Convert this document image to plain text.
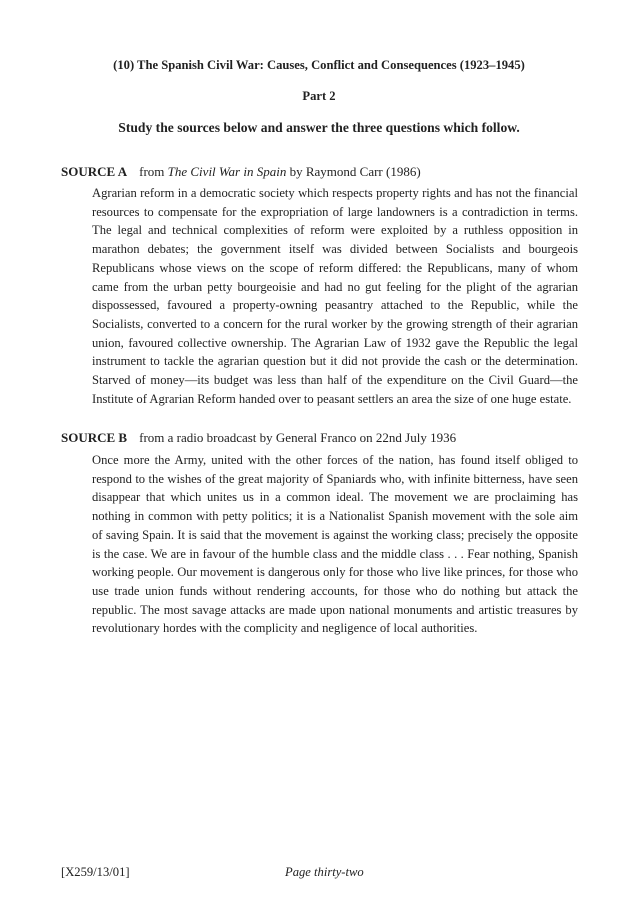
(10) The Spanish Civil War: Causes, Conflict and Consequences (1923–1945)
Part 2
Study the sources below and answer the three questions which follow.
SOURCE A from The Civil War in Spain by Raymond Carr (1986)

Agrarian reform in a democratic society which respects property rights and has not the financial resources to compensate for the expropriation of large landowners is a contradiction in terms. The legal and technical complexities of reform were exploited by a ruthless opposition in marathon debates; the government itself was divided between Socialists and bourgeois Republicans whose views on the scope of reform differed: the Republicans, many of whom came from the urban petty bourgeoisie and had no gut feeling for the plight of the agrarian dispossessed, favoured a property-owning peasantry attached to the Republic, while the Socialists, converted to a concern for the rural worker by the growing strength of their agrarian union, favoured collective ownership. The Agrarian Law of 1932 gave the Republic the legal instrument to tackle the agrarian question but it did not provide the cash or the determination. Starved of money—its budget was less than half of the expenditure on the Civil Guard—the Institute of Agrarian Reform handed over to peasant settlers an area the size of one huge estate.

SOURCE B from a radio broadcast by General Franco on 22nd July 1936

Once more the Army, united with the other forces of the nation, has found itself obliged to respond to the wishes of the great majority of Spaniards who, with infinite bitterness, have seen disappear that which unites us in a common ideal. The movement we are proclaiming has nothing in common with petty politics; it is a Nationalist Spanish movement with the sole aim of saving Spain. It is said that the movement is against the working class; precisely the opposite is the case. We are in favour of the humble class and the middle class . . . Fear nothing, Spanish working people. Our movement is dangerous only for those who live like princes, for those who use trade union funds without rendering accounts, for those who do nothing but attack the republic. The most savage attacks are made upon national monuments and artistic treasures by revolutionary hordes with the complicity and negligence of local authorities.

[X259/13/01]	Page thirty-two
